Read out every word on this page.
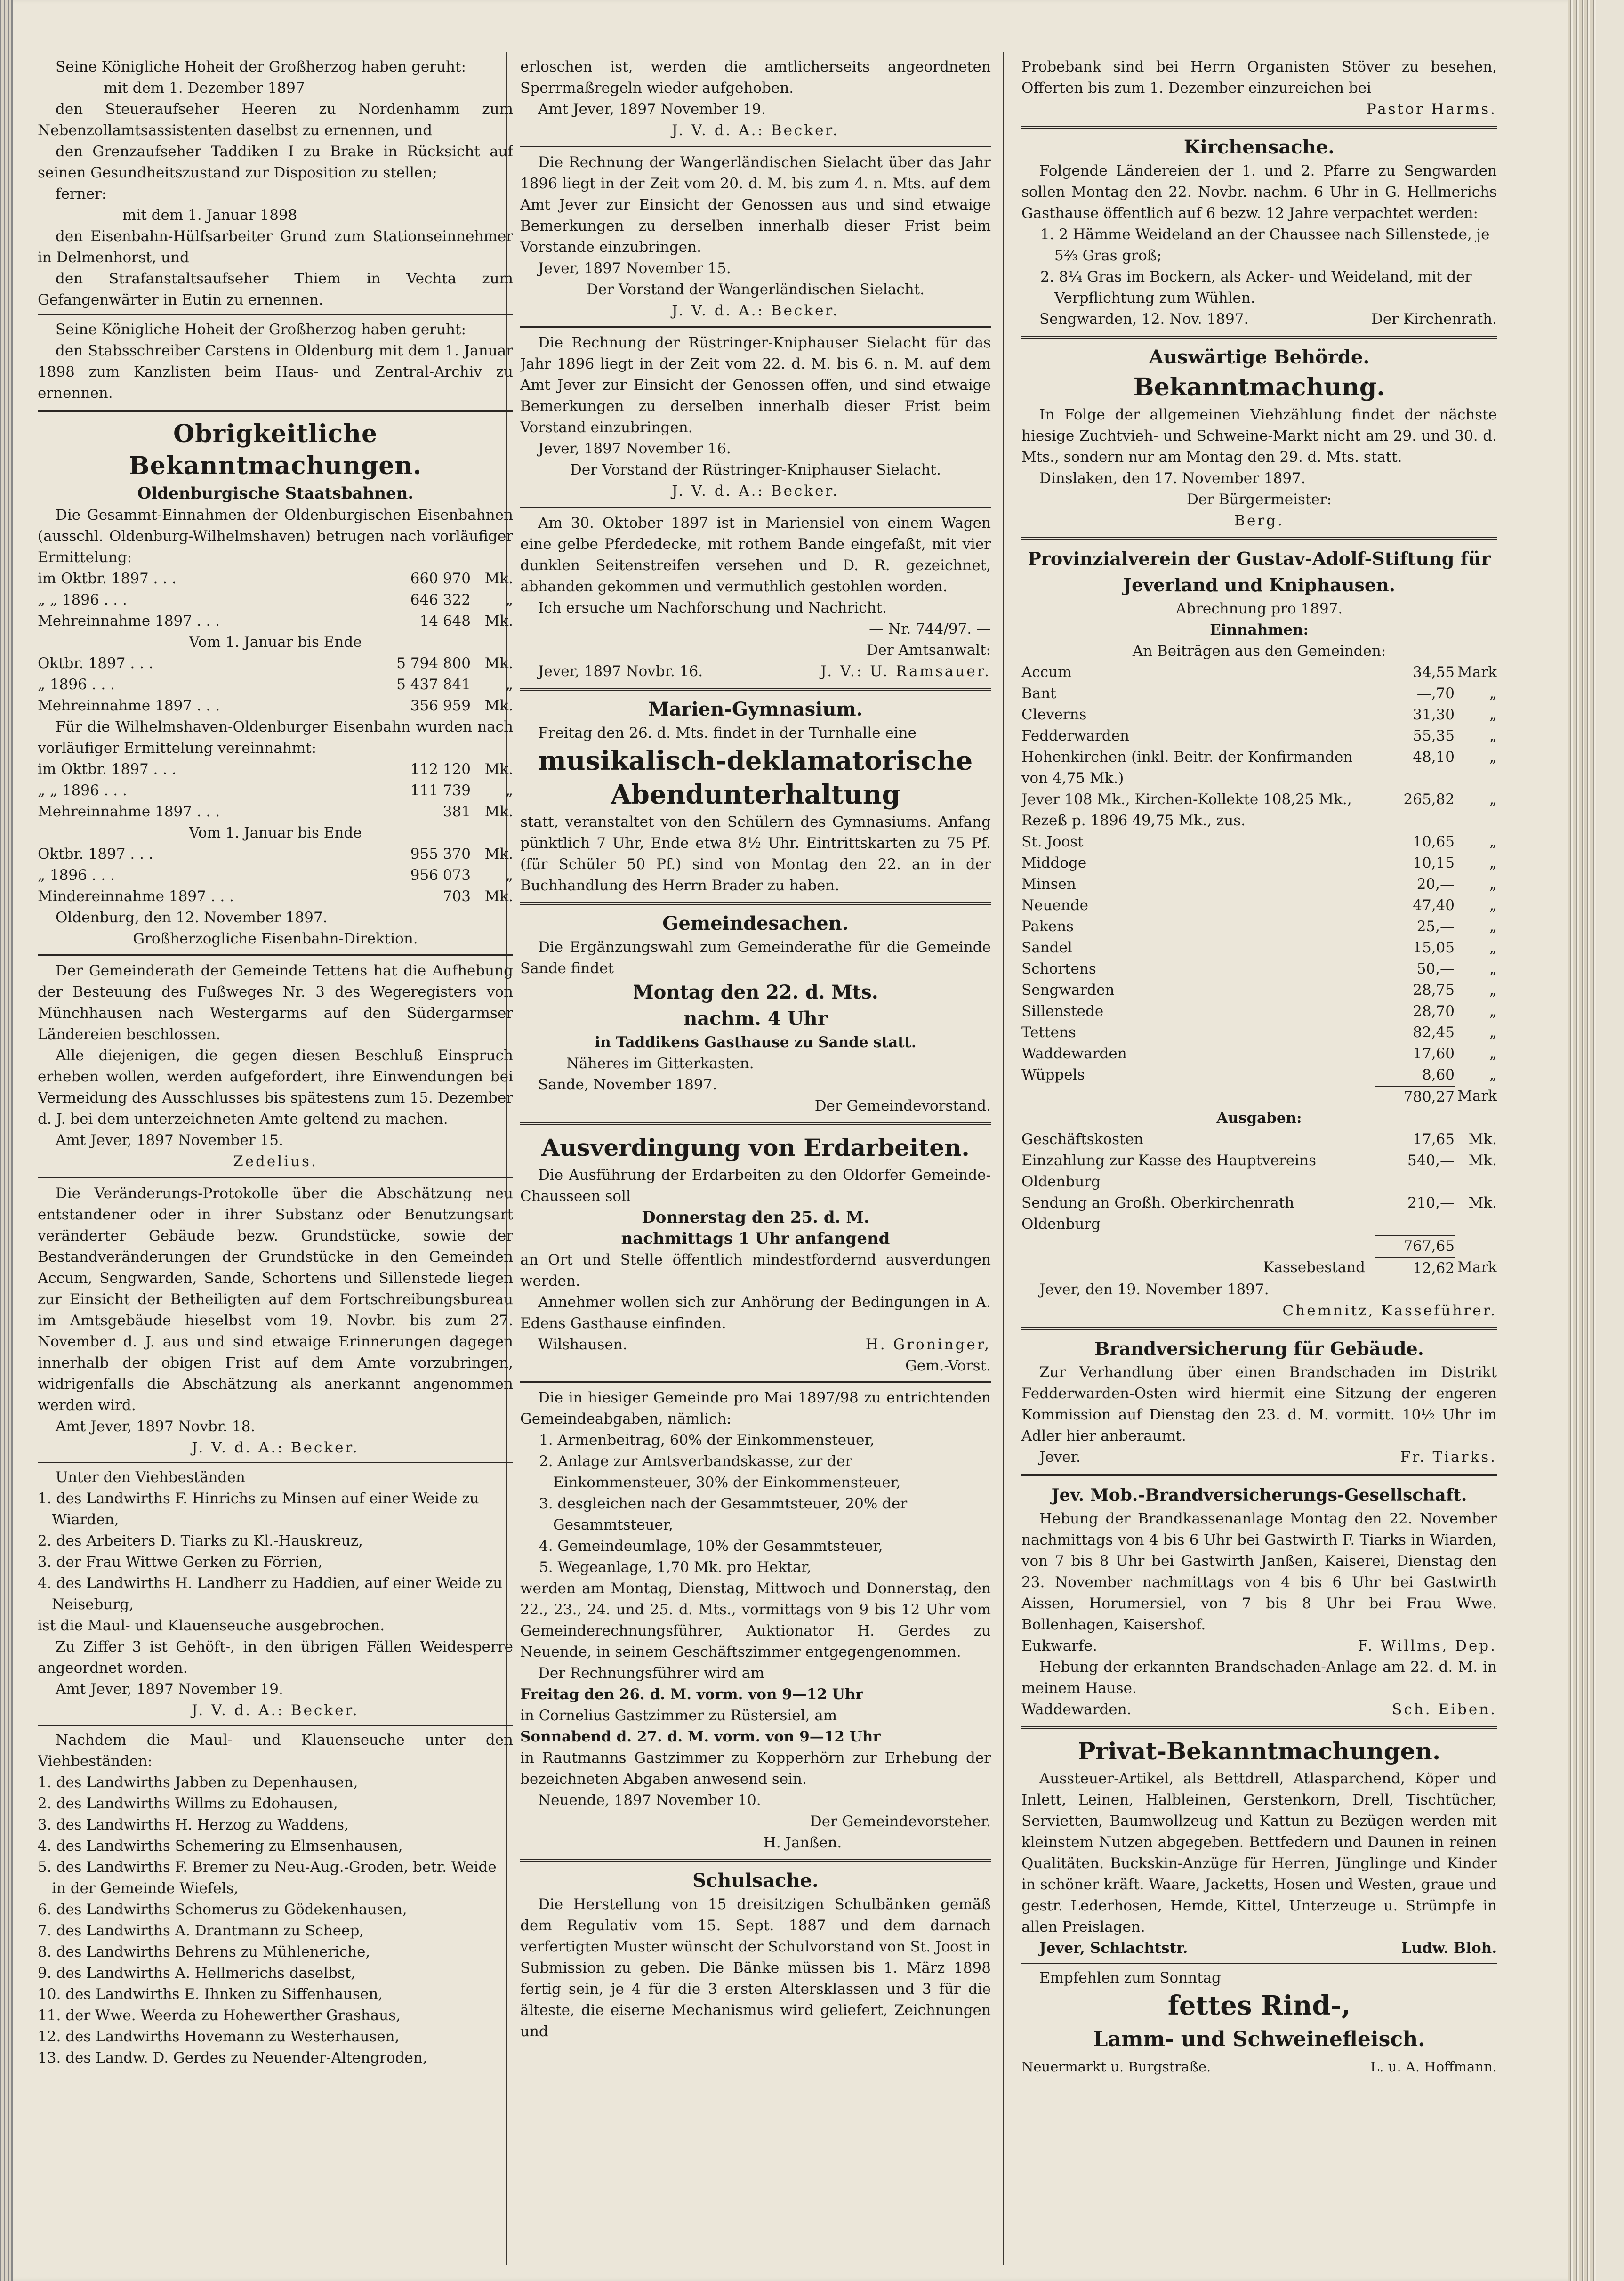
Seine Königliche Hoheit der Großherzog haben geruht:
mit dem 1. Dezember 1897
den Steueraufseher Heeren zu Nordenhamm zum Nebenzollamtsassistenten daselbst zu ernennen, und
den Grenzaufseher Taddiken I zu Brake in Rücksicht auf seinen Gesundheitszustand zur Disposition zu stellen;
ferner:
mit dem 1. Januar 1898
den Eisenbahn-Hülfsarbeiter Grund zum Stationseinnehmer in Delmenhorst, und
den Strafanstaltsaufseher Thiem in Vechta zum Gefangenwärter in Eutin zu ernennen.
Seine Königliche Hoheit der Großherzog haben geruht:
den Stabsschreiber Carstens in Oldenburg mit dem 1. Januar 1898 zum Kanzlisten beim Haus- und Zentral-Archiv zu ernennen.
Obrigkeitliche Bekanntmachungen.
Oldenburgische Staatsbahnen.
Die Gesammt-Einnahmen der Oldenburgischen Eisenbahnen (ausschl. Oldenburg-Wilhelmshaven) betrugen nach vorläufiger Ermittelung:
im Oktbr. 1897 . . .	660 970 Mk.
„ „ 1896 . . .	646 322	„
Mehreinnahme 1897 . . .	14 648 Mk.
Vom 1. Januar bis Ende
Oktbr. 1897 . . .	5 794 800 Mk.
„ 1896 . . .	5 437 841	„
Mehreinnahme 1897 . . .	356 959 Mk.
Für die Wilhelmshaven-Oldenburger Eisenbahn wurden nach vorläufiger Ermittelung vereinnahmt:
im Oktbr. 1897 . . .	112 120 Mk.
„ „ 1896 . . .	111 739	„
Mehreinnahme 1897 . . .	381 Mk.
Vom 1. Januar bis Ende
Oktbr. 1897 . . .	955 370 Mk.
„ 1896 . . .	956 073	„
Mindereinnahme 1897 . . .	703 Mk.
Oldenburg, den 12. November 1897.
Großherzogliche Eisenbahn-Direktion.
Der Gemeinderath der Gemeinde Tettens hat die Aufhebung der Besteuung des Fußweges Nr. 3 des Wegeregisters von Münchhausen nach Westergarms auf den Südergarmser Ländereien beschlossen.
Alle diejenigen, die gegen diesen Beschluß Einspruch erheben wollen, werden aufgefordert, ihre Einwendungen bei Vermeidung des Ausschlusses bis spätestens zum 15. Dezember d. J. bei dem unterzeichneten Amte geltend zu machen.
Amt Jever, 1897 November 15.
Zedelius.
Die Veränderungs-Protokolle über die Abschätzung neu entstandener oder in ihrer Substanz oder Benutzungsart veränderter Gebäude bezw. Grundstücke, sowie der Bestandveränderungen der Grundstücke in den Gemeinden Accum, Sengwarden, Sande, Schortens und Sillenstede liegen zur Einsicht der Betheiligten auf dem Fortschreibungsbureau im Amtsgebäude hieselbst vom 19. Novbr. bis zum 27. November d. J. aus und sind etwaige Erinnerungen dagegen innerhalb der obigen Frist auf dem Amte vorzubringen, widrigenfalls die Abschätzung als anerkannt angenommen werden wird.
Amt Jever, 1897 Novbr. 18.
J. V. d. A.: Becker.
Unter den Viehbeständen
1. des Landwirths F. Hinrichs zu Minsen auf einer Weide zu Wiarden,
2. des Arbeiters D. Tiarks zu Kl.-Hauskreuz,
3. der Frau Wittwe Gerken zu Förrien,
4. des Landwirths H. Landherr zu Haddien, auf einer Weide zu Neiseburg,
ist die Maul- und Klauenseuche ausgebrochen.
Zu Ziffer 3 ist Gehöft-, in den übrigen Fällen Weidesperre angeordnet worden.
Amt Jever, 1897 November 19.
J. V. d. A.: Becker.
Nachdem die Maul- und Klauenseuche unter den Viehbeständen:
1. des Landwirths Jabben zu Depenhausen,
2. des Landwirths Willms zu Edohausen,
3. des Landwirths H. Herzog zu Waddens,
4. des Landwirths Schemering zu Elmsenhausen,
5. des Landwirths F. Bremer zu Neu-Aug.-Groden, betr. Weide in der Gemeinde Wiefels,
6. des Landwirths Schomerus zu Gödekenhausen,
7. des Landwirths A. Drantmann zu Scheep,
8. des Landwirths Behrens zu Mühleneriche,
9. des Landwirths A. Hellmerichs daselbst,
10. des Landwirths E. Ihnken zu Siffenhausen,
11. der Wwe. Weerda zu Hohewerther Grashaus,
12. des Landwirths Hovemann zu Westerhausen,
13. des Landw. D. Gerdes zu Neuender-Altengroden,
erloschen ist, werden die amtlicherseits angeordneten Sperrmaßregeln wieder aufgehoben.
Amt Jever, 1897 November 19.
J. V. d. A.: Becker.
Die Rechnung der Wangerländischen Sielacht über das Jahr 1896 liegt in der Zeit vom 20. d. M. bis zum 4. n. Mts. auf dem Amt Jever zur Einsicht der Genossen aus und sind etwaige Bemerkungen zu derselben innerhalb dieser Frist beim Vorstande einzubringen.
Jever, 1897 November 15.
Der Vorstand der Wangerländischen Sielacht.
J. V. d. A.: Becker.
Die Rechnung der Rüstringer-Kniphauser Sielacht für das Jahr 1896 liegt in der Zeit vom 22. d. M. bis 6. n. M. auf dem Amt Jever zur Einsicht der Genossen offen, und sind etwaige Bemerkungen zu derselben innerhalb dieser Frist beim Vorstand einzubringen.
Jever, 1897 November 16.
Der Vorstand der Rüstringer-Kniphauser Sielacht.
J. V. d. A.: Becker.
Am 30. Oktober 1897 ist in Mariensiel von einem Wagen eine gelbe Pferdedecke, mit rothem Bande eingefaßt, mit vier dunklen Seitenstreifen versehen und D. R. gezeichnet, abhanden gekommen und vermuthlich gestohlen worden.
Ich ersuche um Nachforschung und Nachricht.
— Nr. 744/97. —
Der Amtsanwalt:
Jever, 1897 Novbr. 16.	J. V.: U. Ramsauer.
Marien-Gymnasium.
Freitag den 26. d. Mts. findet in der Turnhalle eine
musikalisch-deklamatorische
Abendunterhaltung
statt, veranstaltet von den Schülern des Gymnasiums. Anfang pünktlich 7 Uhr, Ende etwa 8½ Uhr. Eintrittskarten zu 75 Pf. (für Schüler 50 Pf.) sind von Montag den 22. an in der Buchhandlung des Herrn Brader zu haben.
Gemeindesachen.
Die Ergänzungswahl zum Gemeinderathe für die Gemeinde Sande findet
Montag den 22. d. Mts.
nachm. 4 Uhr
in Taddikens Gasthause zu Sande statt.
Näheres im Gitterkasten.
Sande, November 1897.
Der Gemeindevorstand.
Ausverdingung von Erdarbeiten.
Die Ausführung der Erdarbeiten zu den Oldorfer Gemeinde-Chausseen soll
Donnerstag den 25. d. M.
nachmittags 1 Uhr anfangend
an Ort und Stelle öffentlich mindestfordernd ausverdungen werden.
Annehmer wollen sich zur Anhörung der Bedingungen in A. Edens Gasthause einfinden.
Wilshausen.	H. Groninger,
Gem.-Vorst.
Die in hiesiger Gemeinde pro Mai 1897/98 zu entrichtenden Gemeindeabgaben, nämlich:
1. Armenbeitrag, 60% der Einkommensteuer,
2. Anlage zur Amtsverbandskasse, zur der Einkommensteuer, 30% der Einkommensteuer,
3. desgleichen nach der Gesammtsteuer, 20% der Gesammtsteuer,
4. Gemeindeumlage, 10% der Gesammtsteuer,
5. Wegeanlage, 1,70 Mk. pro Hektar,
werden am Montag, Dienstag, Mittwoch und Donnerstag, den 22., 23., 24. und 25. d. Mts., vormittags von 9 bis 12 Uhr vom Gemeinderechnungsführer, Auktionator H. Gerdes zu Neuende, in seinem Geschäftszimmer entgegengenommen.
Der Rechnungsführer wird am
Freitag den 26. d. M. vorm. von 9—12 Uhr
in Cornelius Gastzimmer zu Rüstersiel, am
Sonnabend d. 27. d. M. vorm. von 9—12 Uhr
in Rautmanns Gastzimmer zu Kopperhörn zur Erhebung der bezeichneten Abgaben anwesend sein.
Neuende, 1897 November 10.
Der Gemeindevorsteher.
H. Janßen.
Schulsache.
Die Herstellung von 15 dreisitzigen Schulbänken gemäß dem Regulativ vom 15. Sept. 1887 und dem darnach verfertigten Muster wünscht der Schulvorstand von St. Joost in Submission zu geben. Die Bänke müssen bis 1. März 1898 fertig sein, je 4 für die 3 ersten Altersklassen und 3 für die älteste, die eiserne Mechanismus wird geliefert, Zeichnungen und
Probebank sind bei Herrn Organisten Stöver zu besehen, Offerten bis zum 1. Dezember einzureichen bei
Pastor Harms.
Kirchensache.
Folgende Ländereien der 1. und 2. Pfarre zu Sengwarden sollen Montag den 22. Novbr. nachm. 6 Uhr in G. Hellmerichs Gasthause öffentlich auf 6 bezw. 12 Jahre verpachtet werden:
1. 2 Hämme Weideland an der Chaussee nach Sillenstede, je 5⅔ Gras groß;
2. 8¼ Gras im Bockern, als Acker- und Weideland, mit der Verpflichtung zum Wühlen.
Sengwarden, 12. Nov. 1897.	Der Kirchenrath.
Auswärtige Behörde.
Bekanntmachung.
In Folge der allgemeinen Viehzählung findet der nächste hiesige Zuchtvieh- und Schweine-Markt nicht am 29. und 30. d. Mts., sondern nur am Montag den 29. d. Mts. statt.
Dinslaken, den 17. November 1897.
Der Bürgermeister:
Berg.
Provinzialverein der Gustav-Adolf-Stiftung für Jeverland und Kniphausen.
Abrechnung pro 1897.
Einnahmen:
An Beiträgen aus den Gemeinden:
Accum	34,55 Mark
Bant	—,70	„
Cleverns	31,30	„
Fedderwarden	55,35	„
Hohenkirchen (inkl. Beitr. der Konfirmanden von 4,75 Mk.)
48,10	„
Jever 108 Mk., Kirchen-Kollekte 108,25 Mk., Rezeß p. 1896 49,75 Mk., zus.
265,82	„
St. Joost	10,65	„
Middoge	10,15	„
Minsen	20,—	„
Neuende	47,40	„
Pakens	25,—	„
Sandel	15,05	„
Schortens	50,—	„
Sengwarden	28,75	„
Sillenstede	28,70	„
Tettens	82,45	„
Waddewarden	17,60	„
Wüppels	8,60	„
780,27 Mark
Ausgaben:
Geschäftskosten	17,65 Mk.
Einzahlung zur Kasse des Hauptvereins Oldenburg
540,— Mk.
Sendung an Großh. Oberkirchenrath Oldenburg
210,— Mk.
767,65
Kassebestand	12,62 Mark
Jever, den 19. November 1897.
Chemnitz, Kasseführer.
Brandversicherung für Gebäude.
Zur Verhandlung über einen Brandschaden im Distrikt Fedderwarden-Osten wird hiermit eine Sitzung der engeren Kommission auf Dienstag den 23. d. M. vormitt. 10½ Uhr im Adler hier anberaumt.
Jever.	Fr. Tiarks.
Jev. Mob.-Brandversicherungs-Gesellschaft.
Hebung der Brandkassenanlage Montag den 22. November nachmittags von 4 bis 6 Uhr bei Gastwirth F. Tiarks in Wiarden, von 7 bis 8 Uhr bei Gastwirth Janßen, Kaiserei, Dienstag den 23. November nachmittags von 4 bis 6 Uhr bei Gastwirth Aissen, Horumersiel, von 7 bis 8 Uhr bei Frau Wwe. Bollenhagen, Kaisershof.
Eukwarfe.	F. Willms, Dep.
Hebung der erkannten Brandschaden-Anlage am 22. d. M. in meinem Hause.
Waddewarden.	Sch. Eiben.
Privat-Bekanntmachungen.
Aussteuer-Artikel, als Bettdrell, Atlasparchend, Köper und Inlett, Leinen, Halbleinen, Gerstenkorn, Drell, Tischtücher, Servietten, Baumwollzeug und Kattun zu Bezügen werden mit kleinstem Nutzen abgegeben. Bettfedern und Daunen in reinen Qualitäten. Buckskin-Anzüge für Herren, Jünglinge und Kinder in schöner kräft. Waare, Jacketts, Hosen und Westen, graue und gestr. Lederhosen, Hemde, Kittel, Unterzeuge u. Strümpfe in allen Preislagen.
Jever, Schlachtstr.	Ludw. Bloh.
Empfehlen zum Sonntag
fettes Rind-,
Lamm- und Schweinefleisch.
Neuermarkt u. Burgstraße.	L. u. A. Hoffmann.
